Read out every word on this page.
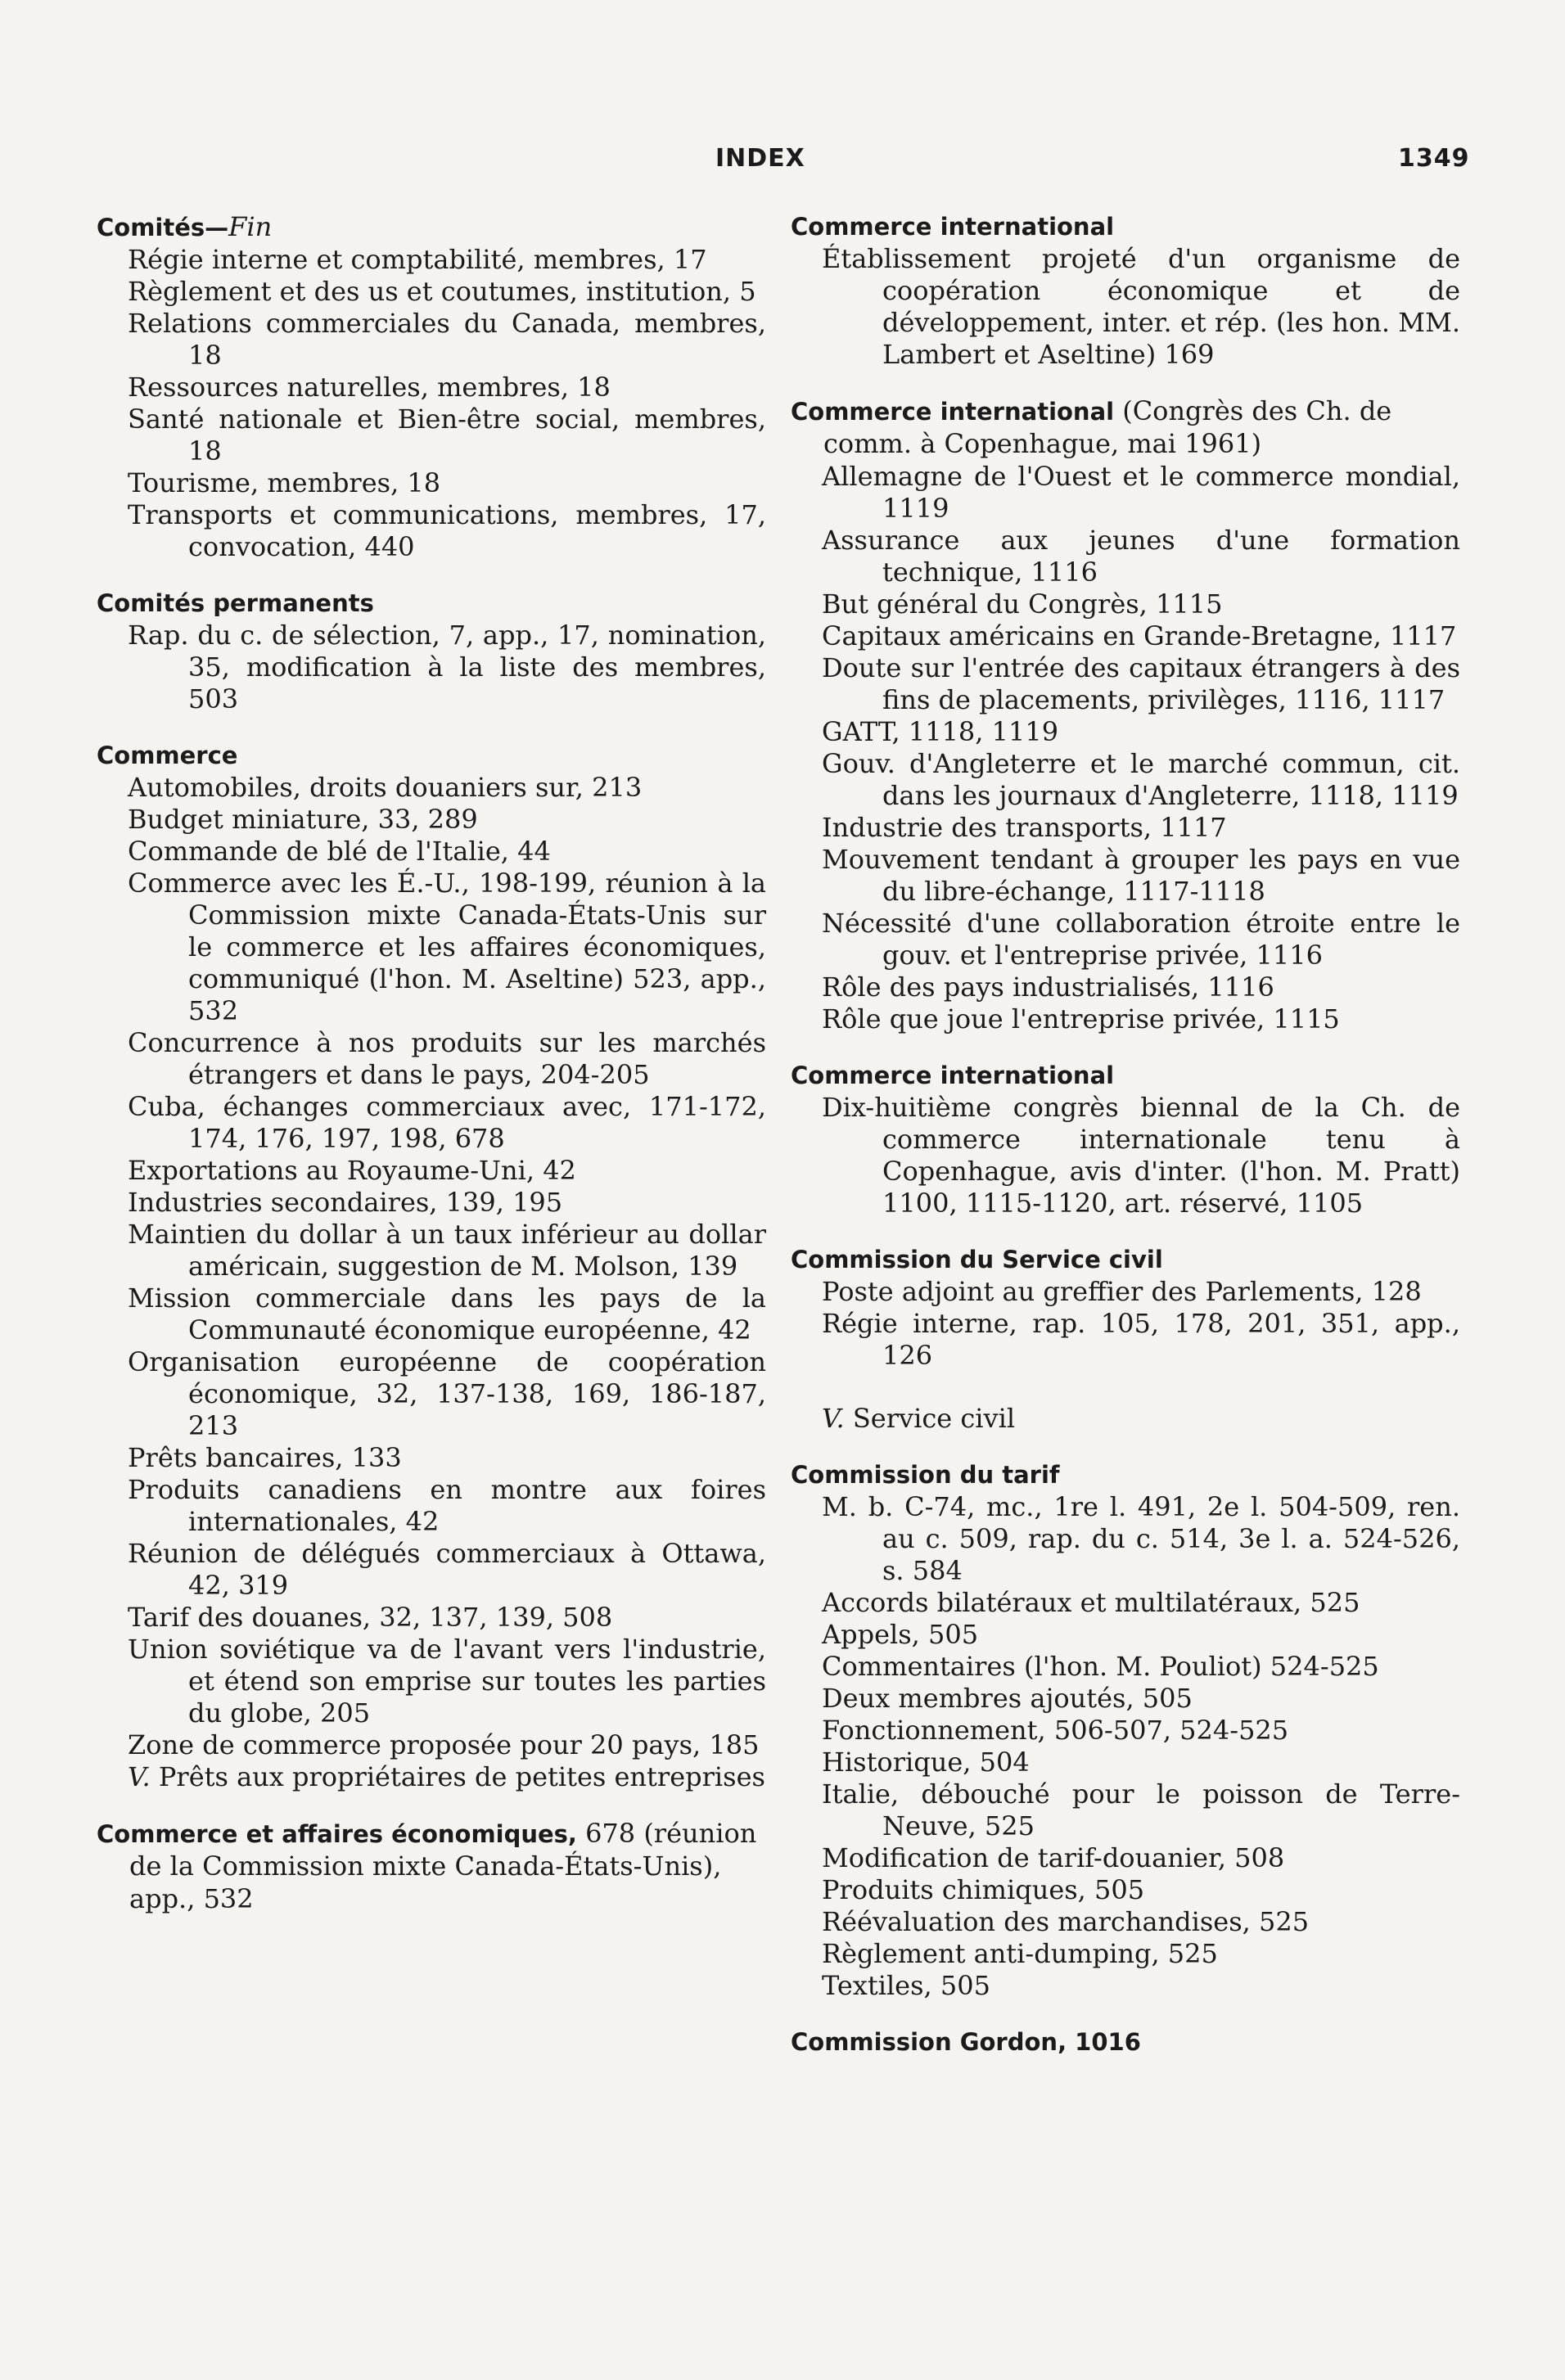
INDEX	1349
Comités—Fin
Régie interne et comptabilité, membres, 17
Règlement et des us et coutumes, institution, 5
Relations commerciales du Canada, membres, 18
Ressources naturelles, membres, 18
Santé nationale et Bien-être social, membres, 18
Tourisme, membres, 18
Transports et communications, membres, 17, convocation, 440
Comités permanents
Rap. du c. de sélection, 7, app., 17, nomination, 35, modification à la liste des membres, 503
Commerce
Automobiles, droits douaniers sur, 213
Budget miniature, 33, 289
Commande de blé de l'Italie, 44
Commerce avec les É.-U., 198-199, réunion à la Commission mixte Canada-États-Unis sur le commerce et les affaires économiques, communiqué (l'hon. M. Aseltine) 523, app., 532
Concurrence à nos produits sur les marchés étrangers et dans le pays, 204-205
Cuba, échanges commerciaux avec, 171-172, 174, 176, 197, 198, 678
Exportations au Royaume-Uni, 42
Industries secondaires, 139, 195
Maintien du dollar à un taux inférieur au dollar américain, suggestion de M. Molson, 139
Mission commerciale dans les pays de la Communauté économique européenne, 42
Organisation européenne de coopération économique, 32, 137-138, 169, 186-187, 213
Prêts bancaires, 133
Produits canadiens en montre aux foires internationales, 42
Réunion de délégués commerciaux à Ottawa, 42, 319
Tarif des douanes, 32, 137, 139, 508
Union soviétique va de l'avant vers l'industrie, et étend son emprise sur toutes les parties du globe, 205
Zone de commerce proposée pour 20 pays, 185
V. Prêts aux propriétaires de petites entreprises
Commerce et affaires économiques, 678 (réunion de la Commission mixte Canada-États-Unis), app., 532
Commerce international
Établissement projeté d'un organisme de coopération économique et de développement, inter. et rép. (les hon. MM. Lambert et Aseltine) 169
Commerce international (Congrès des Ch. de comm. à Copenhague, mai 1961)
Allemagne de l'Ouest et le commerce mondial, 1119
Assurance aux jeunes d'une formation technique, 1116
But général du Congrès, 1115
Capitaux américains en Grande-Bretagne, 1117
Doute sur l'entrée des capitaux étrangers à des fins de placements, privilèges, 1116, 1117
GATT, 1118, 1119
Gouv. d'Angleterre et le marché commun, cit. dans les journaux d'Angleterre, 1118, 1119
Industrie des transports, 1117
Mouvement tendant à grouper les pays en vue du libre-échange, 1117-1118
Nécessité d'une collaboration étroite entre le gouv. et l'entreprise privée, 1116
Rôle des pays industrialisés, 1116
Rôle que joue l'entreprise privée, 1115
Commerce international
Dix-huitième congrès biennal de la Ch. de commerce internationale tenu à Copenhague, avis d'inter. (l'hon. M. Pratt) 1100, 1115-1120, art. réservé, 1105
Commission du Service civil
Poste adjoint au greffier des Parlements, 128
Régie interne, rap. 105, 178, 201, 351, app., 126
V. Service civil
Commission du tarif
M. b. C-74, mc., 1re l. 491, 2e l. 504-509, ren. au c. 509, rap. du c. 514, 3e l. a. 524-526, s. 584
Accords bilatéraux et multilatéraux, 525
Appels, 505
Commentaires (l'hon. M. Pouliot) 524-525
Deux membres ajoutés, 505
Fonctionnement, 506-507, 524-525
Historique, 504
Italie, débouché pour le poisson de Terre-Neuve, 525
Modification de tarif-douanier, 508
Produits chimiques, 505
Réévaluation des marchandises, 525
Règlement anti-dumping, 525
Textiles, 505
Commission Gordon, 1016
